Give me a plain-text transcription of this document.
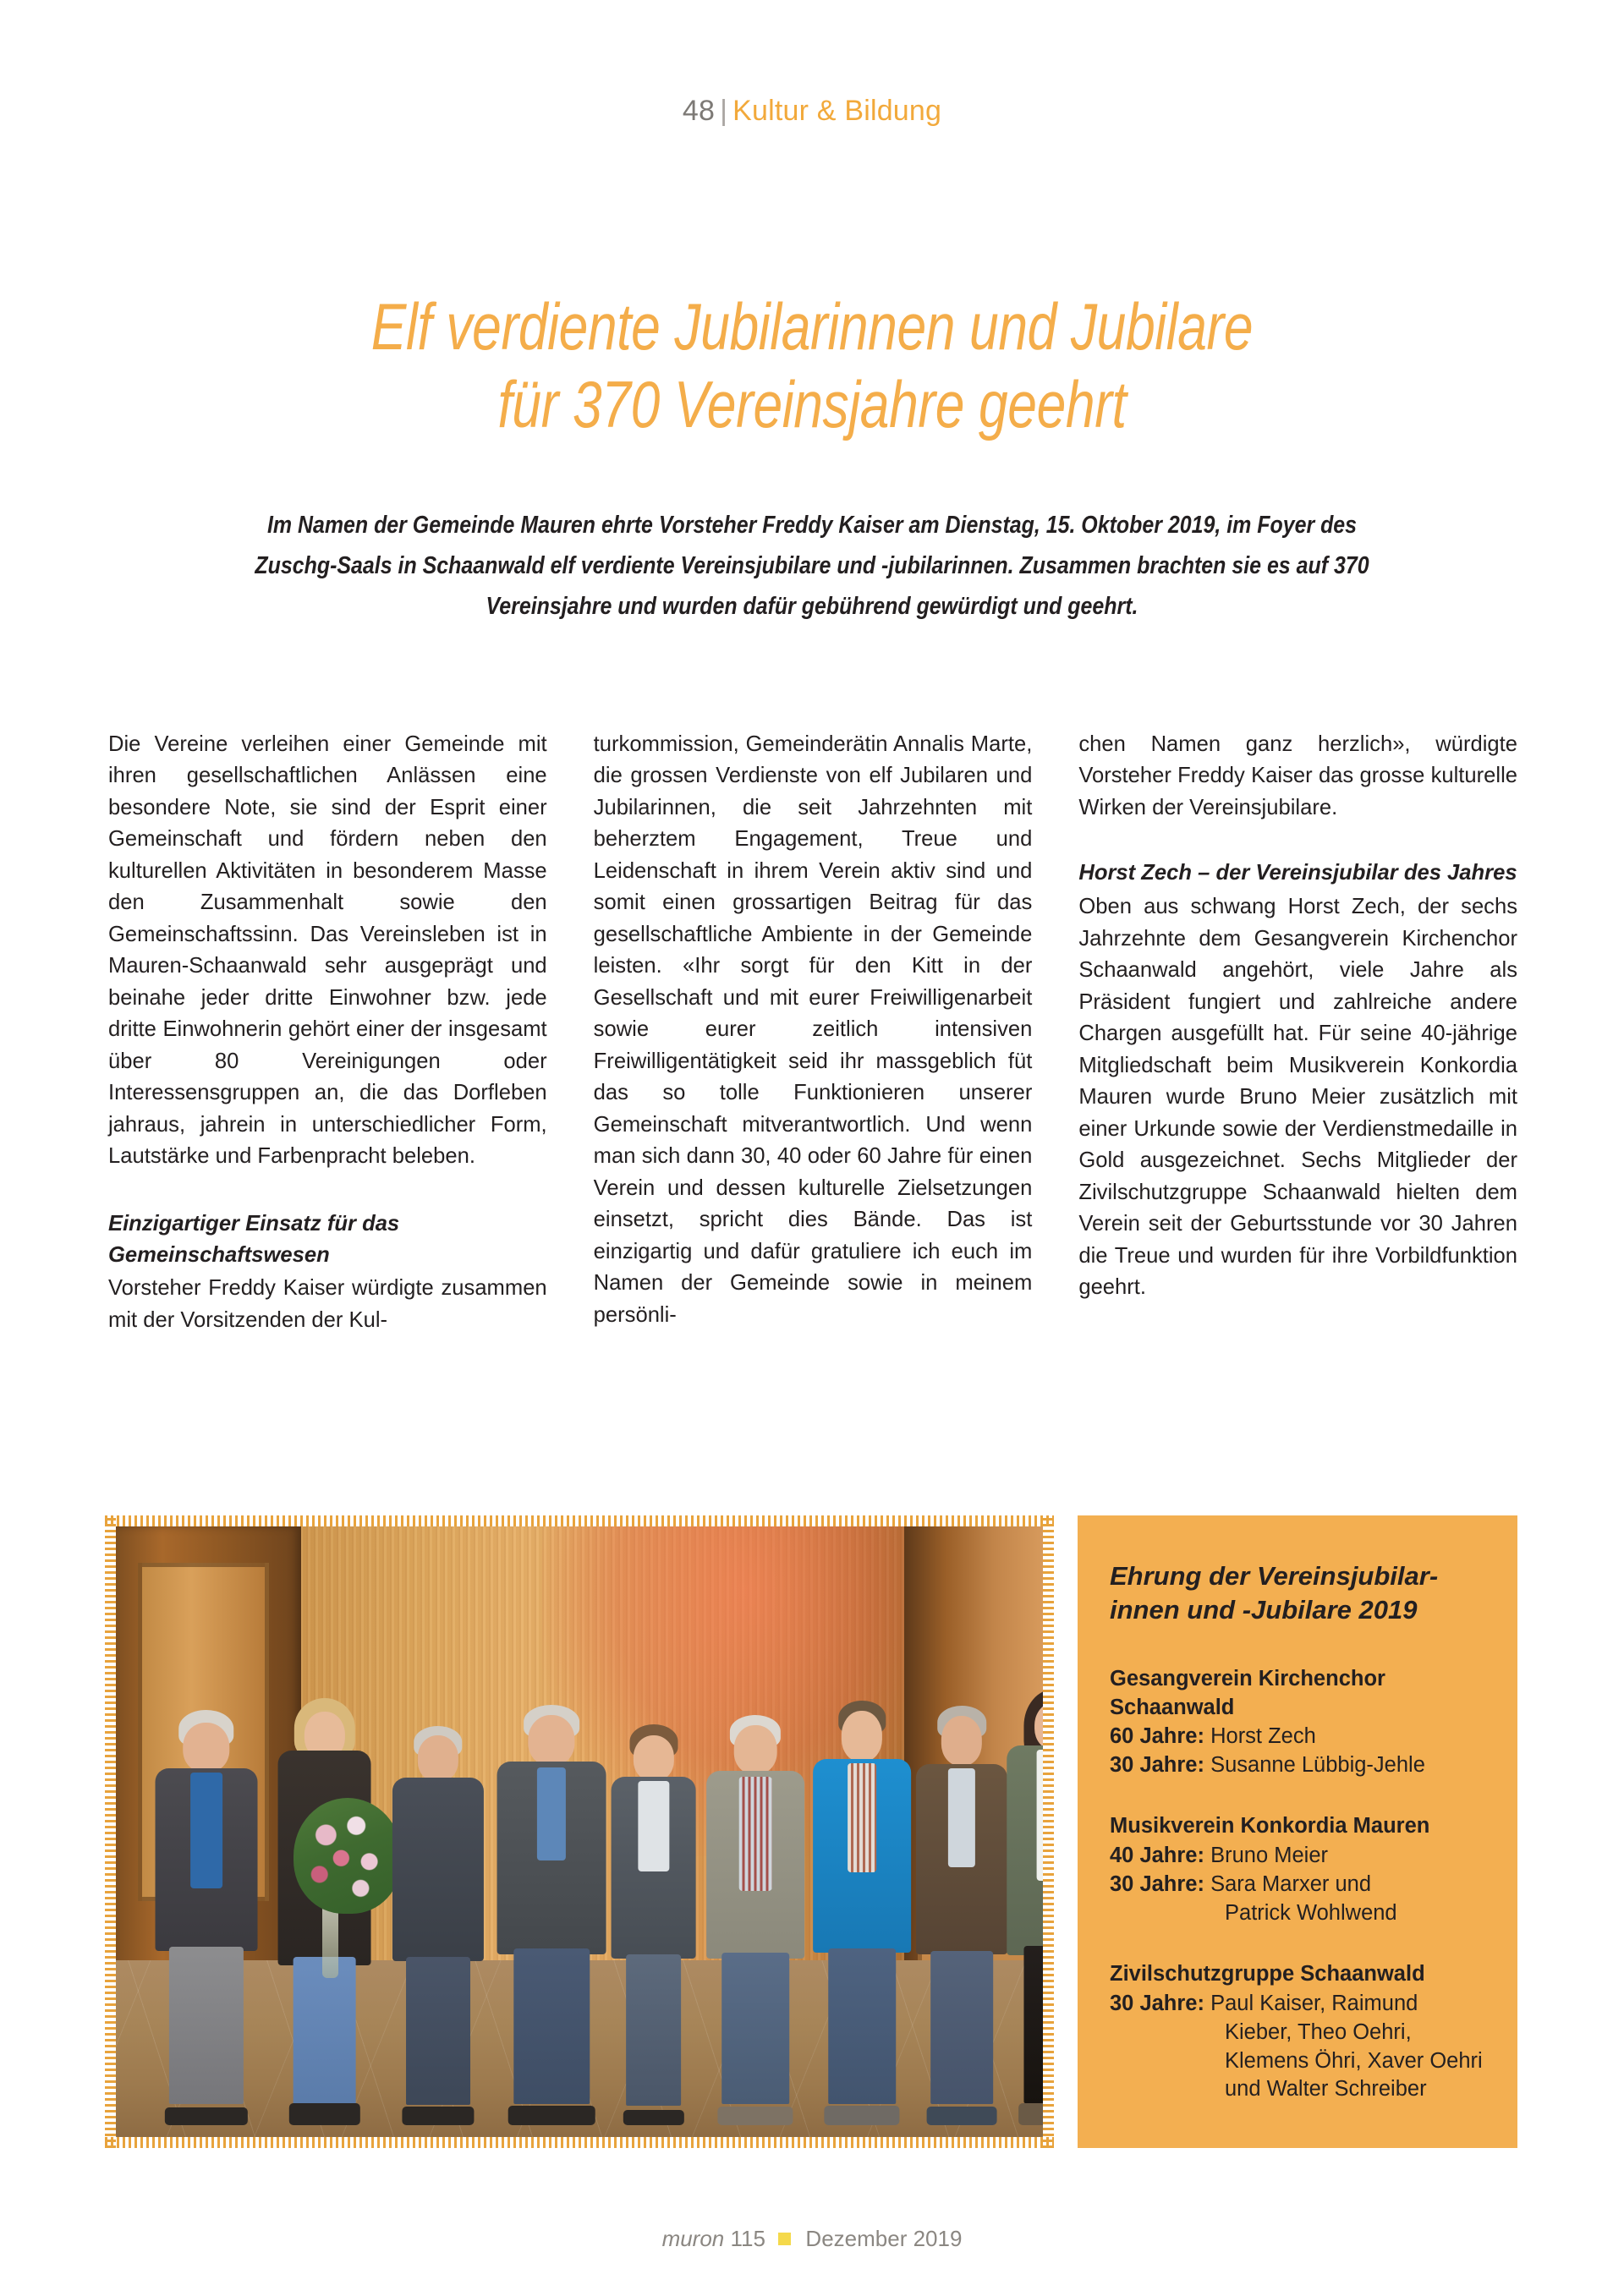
48 | Kultur & Bildung
Elf verdiente Jubilarinnen und Jubilare
für 370 Vereinsjahre geehrt
Im Namen der Gemeinde Mauren ehrte Vorsteher Freddy Kaiser am Dienstag, 15. Oktober 2019, im Foyer des Zuschg-Saals in Schaanwald elf verdiente Vereinsjubilare und -jubilarinnen. Zusammen brachten sie es auf 370 Vereinsjahre und wurden dafür gebührend gewürdigt und geehrt.

Die Vereine verleihen einer Gemeinde mit ihren gesellschaftlichen Anlässen eine besondere Note, sie sind der Esprit einer Gemeinschaft und fördern neben den kulturellen Aktivitäten in besonderem Masse den Zusammenhalt sowie den Gemeinschaftssinn. Das Vereinsleben ist in Mauren-Schaanwald sehr ausgeprägt und beinahe jeder dritte Einwohner bzw. jede dritte Einwohnerin gehört einer der insgesamt über 80 Vereinigungen oder Interessensgruppen an, die das Dorfleben jahraus, jahrein in unterschiedlicher Form, Lautstärke und Farbenpracht beleben.

Einzigartiger Einsatz für das Gemeinschaftswesen

Vorsteher Freddy Kaiser würdigte zusammen mit der Vorsitzenden der Kul-

turkommission, Gemeinderätin Annalis Marte, die grossen Verdienste von elf Jubilaren und Jubilarinnen, die seit Jahrzehnten mit beherztem Engagement, Treue und Leidenschaft in ihrem Verein aktiv sind und somit einen grossartigen Beitrag für das gesellschaftliche Ambiente in der Gemeinde leisten. «Ihr sorgt für den Kitt in der Gesellschaft und mit eurer Freiwilligenarbeit sowie eurer zeitlich intensiven Freiwilligentätigkeit seid ihr massgeblich füt das so tolle Funktionieren unserer Gemeinschaft mitverantwortlich. Und wenn man sich dann 30, 40 oder 60 Jahre für einen Verein und dessen kulturelle Zielsetzungen einsetzt, spricht dies Bände. Das ist einzigartig und dafür gratuliere ich euch im Namen der Gemeinde sowie in meinem persönli-

chen Namen ganz herzlich», würdigte Vorsteher Freddy Kaiser das grosse kulturelle Wirken der Vereinsjubilare.

Horst Zech – der Vereinsjubilar des Jahres

Oben aus schwang Horst Zech, der sechs Jahrzehnte dem Gesangverein Kirchenchor Schaanwald angehört, viele Jahre als Präsident fungiert und zahlreiche andere Chargen ausgefüllt hat. Für seine 40-jährige Mitgliedschaft beim Musikverein Konkordia Mauren wurde Bruno Meier zusätzlich mit einer Urkunde sowie der Verdienstmedaille in Gold ausgezeichnet. Sechs Mitglieder der Zivilschutzgruppe Schaanwald hielten dem Verein seit der Geburtsstunde vor 30 Jahren die Treue und wurden für ihre Vorbildfunktion geehrt.

Ehrung der Vereinsjubilar-
innen und -Jubilare 2019
Gesangverein Kirchenchor
Schaanwald
60 Jahre: Horst Zech
30 Jahre: Susanne Lübbig-Jehle
Musikverein Konkordia Mauren
40 Jahre: Bruno Meier
30 Jahre: Sara Marxer und
Patrick Wohlwend
Zivilschutzgruppe Schaanwald
30 Jahre: Paul Kaiser, Raimund
Kieber, Theo Oehri,
Klemens Öhri, Xaver Oehri
und Walter Schreiber
muron 115 Dezember 2019
